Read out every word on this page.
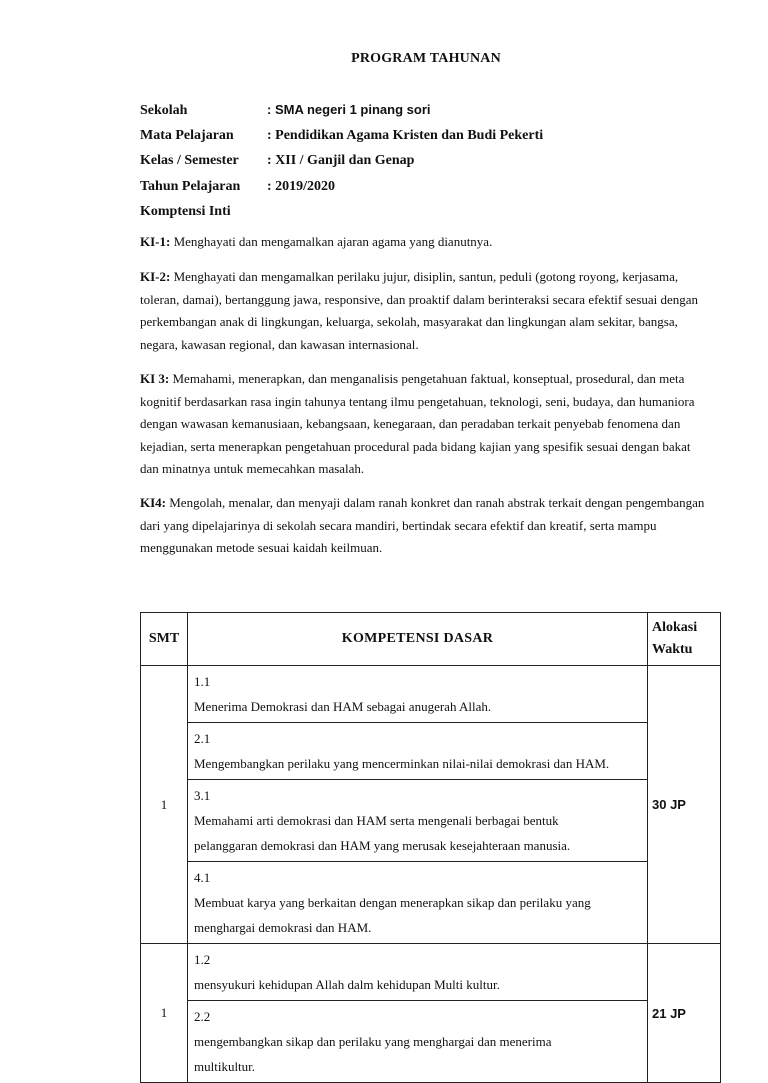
PROGRAM TAHUNAN
Sekolah	: SMA negeri 1 pinang sori
Mata Pelajaran : Pendidikan Agama Kristen dan Budi Pekerti
Kelas / Semester : XII / Ganjil dan Genap
Tahun Pelajaran : 2019/2020
Komptensi Inti
KI-1: Menghayati dan mengamalkan ajaran agama yang dianutnya.
KI-2: Menghayati dan mengamalkan perilaku jujur, disiplin, santun, peduli (gotong royong, kerjasama, toleran, damai), bertanggung jawa, responsive, dan proaktif dalam berinteraksi secara efektif sesuai dengan perkembangan anak di lingkungan, keluarga, sekolah, masyarakat dan lingkungan alam sekitar, bangsa, negara, kawasan regional, dan kawasan internasional.
KI 3: Memahami, menerapkan, dan menganalisis pengetahuan faktual, konseptual, prosedural, dan meta kognitif berdasarkan rasa ingin tahunya tentang ilmu pengetahuan, teknologi, seni, budaya, dan humaniora dengan wawasan kemanusiaan, kebangsaan, kenegaraan, dan peradaban terkait penyebab fenomena dan kejadian, serta menerapkan pengetahuan procedural pada bidang kajian yang spesifik sesuai dengan bakat dan minatnya untuk memecahkan masalah.
KI4: Mengolah, menalar, dan menyaji dalam ranah konkret dan ranah abstrak terkait dengan pengembangan dari yang dipelajarinya di sekolah secara mandiri, bertindak secara efektif dan kreatif, serta mampu menggunakan metode sesuai kaidah keilmuan.
SMT	KOMPETENSI DASAR	Alokasi
Waktu
1	1.1Menerima Demokrasi dan HAM sebagai anugerah Allah.	30 JP
	2.1Mengembangkan perilaku yang mencerminkan nilai-nilai demokrasi dan HAM.	
	3.1Memahami arti demokrasi dan HAM serta mengenali berbagai bentuk pelanggaran demokrasi dan HAM yang merusak kesejahteraan manusia.	
	4.1Membuat karya yang berkaitan dengan menerapkan sikap dan perilaku yang menghargai demokrasi dan HAM.	
1	1.2mensyukuri kehidupan Allah dalm kehidupan Multi kultur.	21 JP
	2.2mengembangkan sikap dan perilaku yang menghargai dan menerima multikultur.	
